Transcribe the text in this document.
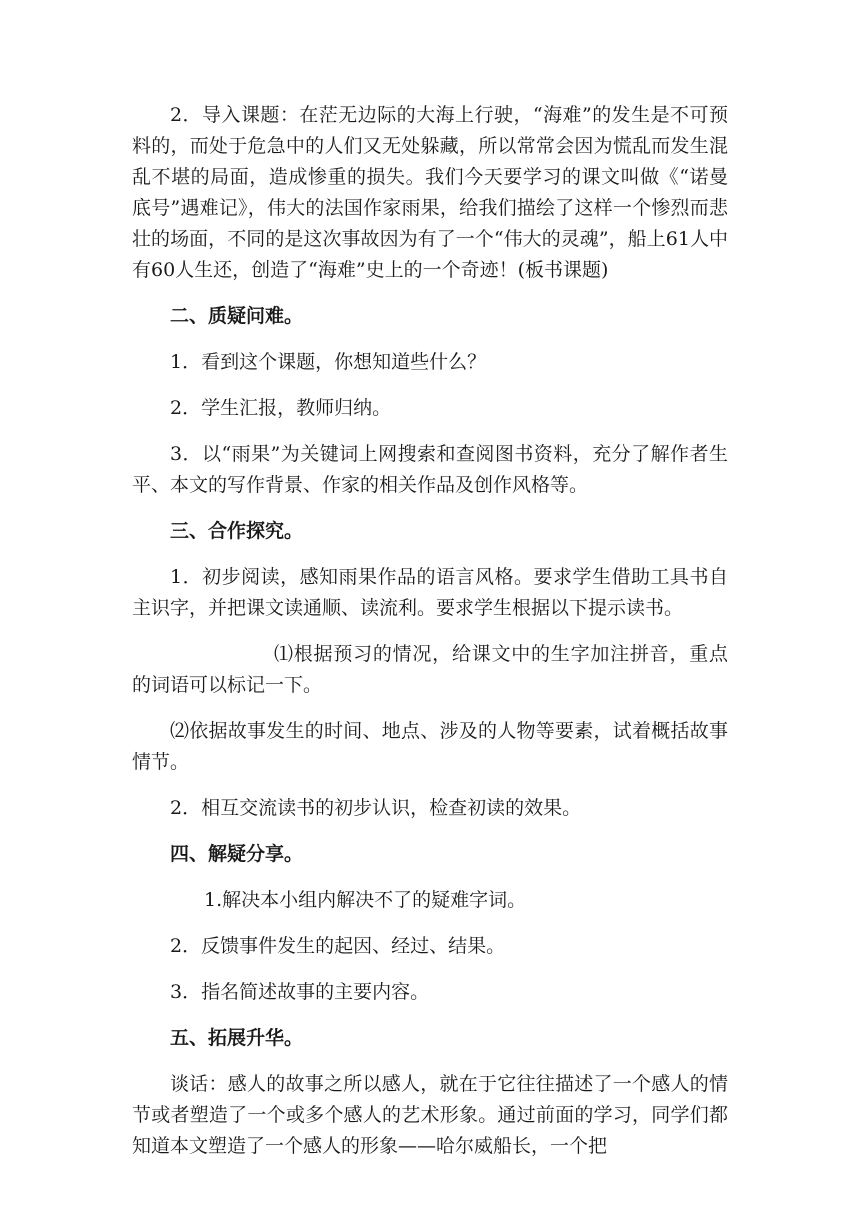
2．导入课题：在茫无边际的大海上行驶，“海难”的发生是不可预料的，而处于危急中的人们又无处躲藏，所以常常会因为慌乱而发生混乱不堪的局面，造成惨重的损失。我们今天要学习的课文叫做《“诺曼底号”遇难记》，伟大的法国作家雨果，给我们描绘了这样一个惨烈而悲壮的场面，不同的是这次事故因为有了一个“伟大的灵魂”，船上61人中有60人生还，创造了“海难”史上的一个奇迹！(板书课题)

二、质疑问难。

1．看到这个课题，你想知道些什么？

2．学生汇报，教师归纳。

3．以“雨果”为关键词上网搜索和查阅图书资料，充分了解作者生平、本文的写作背景、作家的相关作品及创作风格等。

三、合作探究。

1．初步阅读，感知雨果作品的语言风格。要求学生借助工具书自主识字，并把课文读通顺、读流利。要求学生根据以下提示读书。

⑴根据预习的情况，给课文中的生字加注拼音，重点的词语可以标记一下。

⑵依据故事发生的时间、地点、涉及的人物等要素，试着概括故事情节。

2．相互交流读书的初步认识，检查初读的效果。

四、解疑分享。

1.解决本小组内解决不了的疑难字词。

2．反馈事件发生的起因、经过、结果。

3．指名简述故事的主要内容。

五、拓展升华。

谈话：感人的故事之所以感人，就在于它往往描述了一个感人的情节或者塑造了一个或多个感人的艺术形象。通过前面的学习，同学们都知道本文塑造了一个感人的形象——哈尔威船长，一个把
